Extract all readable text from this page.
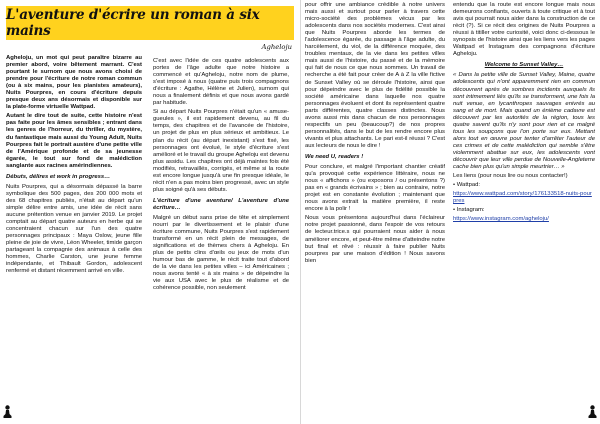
L'aventure d'écrire un roman à six mains
Agheloju

Agheloju, un mot qui peut paraître bizarre au premier abord, voire bêtement marrant. C'est pourtant le surnom que nous avons choisi de prendre pour l'écriture de notre roman commun (ou à six mains, pour les pianistes amateurs), Nuits Pourpres, en cours d'écriture depuis presque deux ans désormais et disponible sur la plate-forme virtuelle Wattpad.

Autant le dire tout de suite, cette histoire n'est pas faite pour les âmes sensibles ; entrant dans les genres de l'horreur, du thriller, du mystère, du fantastique mais aussi du Young Adult, Nuits Pourpres fait le portrait austère d'une petite ville de l'Amérique profonde et de sa jeunesse égarée, le tout sur fond de malédiction sanglante aux racines amérindiennes.

Débuts, délires et work in progress…

Nuits Pourpres, qui a désormais dépassé la barre symbolique des 500 pages, des 200 000 mots et des 68 chapitres publiés, n'était au départ qu'un simple délire entre amis, une idée de récit sans aucune prétention venue en janvier 2019. Le projet comptait au départ quatre auteurs en herbe qui se concentraient chacun sur l'un des quatre personnages principaux : Maya Oslow, jeune fille pleine de joie de vivre, Léon Wheeler, timide garçon partageant la compagnie des animaux à celle des hommes, Charlie Carston, une jeune femme indépendante, et Thibault Gordon, adolescent renfermé et distant récemment arrivé en ville.

C'est avec l'idée de ces quatre adolescents aux portes de l'âge adulte que notre histoire a commencé et qu'Agheloju, notre nom de plume, s'est imposé à nous (quatre puis trois compagnons d'écriture : Agathe, Hélène et Julien), surnom qui nous a finalement définis et que nous avons gardé par habitude.

Si au départ Nuits Pourpres n'était qu'un « amuse-gueules », il est rapidement devenu, au fil du temps, des chapitres et de l'avancée de l'histoire, un projet de plus en plus sérieux et ambitieux. Le plan du récit (au départ inexistant) s'est fixé, les personnages ont évolué, le style d'écriture s'est amélioré et le travail du groupe Agheloju est devenu plus assidu. Les chapitres ont déjà maintes fois été modifiés, retravaillés, corrigés, et même si la route est encore longue jusqu'à une fin presque idéale, le récit n'en a pas moins bien progressé, avec un style plus soigné qu'à ses débuts.

L'écriture d'une aventure/ L'aventure d'une écriture…

Malgré un début sans prise de tête et simplement nourri par le divertissement et le plaisir d'une écriture commune, Nuits Pourpres s'est rapidement transformé en un récit plein de messages, de significations et de thèmes chers à Agheloju. En plus de petits clins d'œils ou jeux de mots d'un humour bas de gamme, le récit traite tout d'abord de la vie dans les petites villes – ici Américaines ; nous avons tenté « à six mains » de dépeindre la vie aux USA avec le plus de réalisme et de cohérence possible, non seulement

pour offrir une ambiance crédible à notre univers mais aussi et surtout pour parler à travers cette micro-société des problèmes vécus par les adolescents dans nos sociétés modernes. C'est ainsi que Nuits Pourpres aborde les termes de l'adolescence égarée, du passage à l'âge adulte, du harcèlement, du viol, de la différence moquée, des troubles mentaux, de la vie dans les petites villes mais aussi de l'histoire, du passé et de la mémoire qui fait de nous ce que nous sommes. Un travail de recherche a été fait pour créer de A à Z la ville fictive de Sunset Valley où se déroule l'histoire, ainsi que pour dépeindre avec le plus de fidélité possible la société américaine dans laquelle nos quatre personnages évoluent et dont ils représentent quatre parts différentes, quatre classes distinctes. Nous avons aussi mis dans chacun de nos personnages respectifs un peu (beaucoup?) de nos propres personnalités, dans le but de les rendre encore plus vivants et plus attachants. Le pari est-il réussi ? C'est aux lecteurs de nous le dire !

We need U, readers !

Pour conclure, et malgré l'important chantier créatif qu'a provoqué cette expérience littéraire, nous ne nous « affichons » (ou exposons / ou présentons ?) pas en « grands écrivains » ; bien au contraire, notre projet est en constante évolution ; maintenant que nous avons extrait la matière première, il reste encore à la polir !

Nous vous présentons aujourd'hui dans l'éclaireur notre projet passionné, dans l'espoir de vos retours de lecteur.trice.s qui pourraient nous aider à nous améliorer encore, et peut-être même d'atteindre notre but final et rêvé : réussir à faire publier Nuits pourpres par une maison d'édition ! Nous savons bien

entendu que la route est encore longue mais nous demeurons confiants, ouverts à toute critique et à tout avis qui pourrait nous aider dans la construction de ce récit (?). Si ce récit des origines de Nuits Pourpres a réussi à titiller votre curiosité, voici donc ci-dessous le synopsis de l'histoire ainsi que les liens vers les pages Wattpad et Instagram des compagnons d'écriture Agheloju.

Welcome to Sunset Valley…

« Dans la petite ville de Sunset Valley, Maine, quatre adolescents qui n'ont apparemment rien en commun découvrent après de sombres incidents auxquels ils sont intimement liés qu'ils se transforment, une fois la nuit venue, en lycanthropes sauvages enivrés au sang et de mort. Mais quand un énième cadavre est découvert par les autorités de la région, tous les quatre savent qu'ils n'y sont pour rien et ce malgré tous les soupçons que l'on porte sur eux. Mettant alors tout en œuvre pour tenter d'arrêter l'auteur de ces crimes et de cette malédiction qui semble s'être violemment abattue sur eux, les adolescents vont découvrir que leur ville perdue de Nouvelle-Angleterre cache bien plus qu'un simple meurtrier… »

Les liens (pour nous lire ou nous contacter!)

• Wattpad:

https://www.wattpad.com/story/176133518-nuits-pourpres

• Instagram:

https://www.instagram.com/agheloju/
